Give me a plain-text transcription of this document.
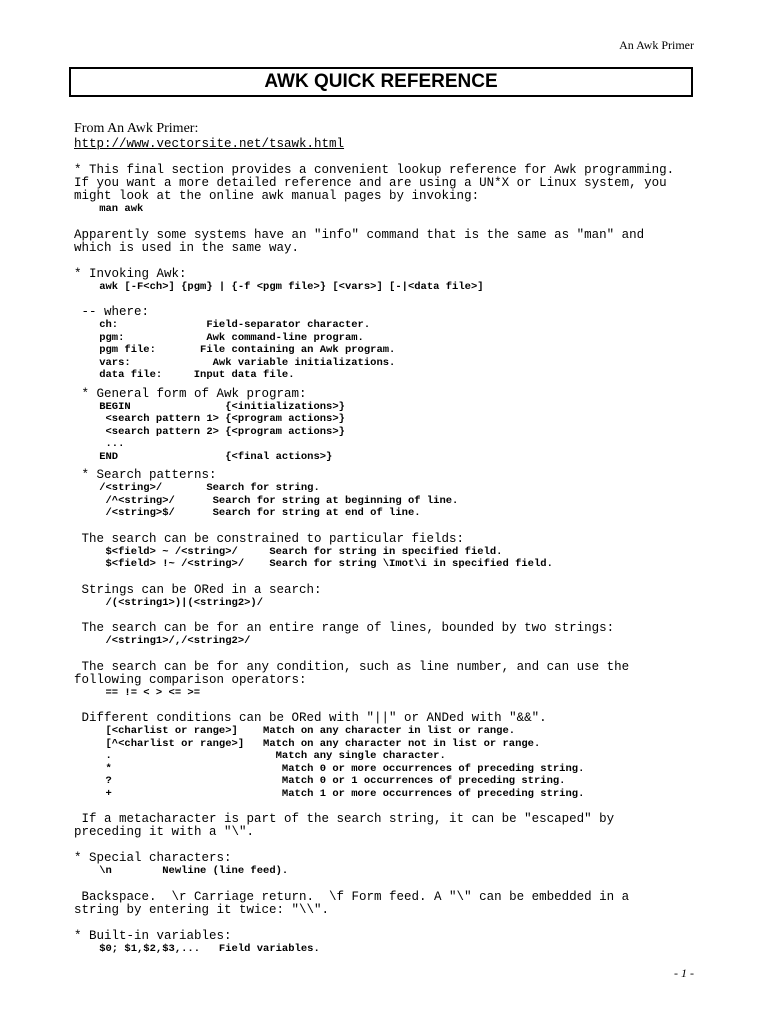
An Awk Primer
AWK QUICK REFERENCE

From An Awk Primer:

http://www.vectorsite.net/tsawk.html

* This final section provides a convenient lookup reference for Awk programming.
If you want a more detailed reference and are using a UN*X or Linux system, you
might look at the online awk manual pages by invoking:
man awk
Apparently some systems have an "info" command that is the same as "man" and
which is used in the same way.
* Invoking Awk:
awk [-F<ch>] {pgm} | {-f <pgm file>} [<vars>] [-|<data file>]
-- where:
ch:              Field-separator character.
pgm:             Awk command-line program.
pgm file:       File containing an Awk program.
vars:             Awk variable initializations.
data file:     Input data file.
* General form of Awk program:
BEGIN               {<initializations>}
<search pattern 1> {<program actions>}
<search pattern 2> {<program actions>}
...
END                 {<final actions>}
* Search patterns:
/<string>/       Search for string.
/^<string>/      Search for string at beginning of line.
/<string>$/      Search for string at end of line.
The search can be constrained to particular fields:
$<field> ~ /<string>/     Search for string in specified field.
$<field> !~ /<string>/    Search for string \Imot\i in specified field.
Strings can be ORed in a search:
/(<string1>)|(<string2>)/
The search can be for an entire range of lines, bounded by two strings:
/<string1>/,/<string2>/
The search can be for any condition, such as line number, and can use the
following comparison operators:
== != < > <= >=
Different conditions can be ORed with "||" or ANDed with "&&".
[<charlist or range>]    Match on any character in list or range.
[^<charlist or range>]   Match on any character not in list or range.
.                          Match any single character.
*                           Match 0 or more occurrences of preceding string.
?                           Match 0 or 1 occurrences of preceding string.
+                           Match 1 or more occurrences of preceding string.
If a metacharacter is part of the search string, it can be "escaped" by
preceding it with a "\".
* Special characters:
\n        Newline (line feed).
Backspace.  \r Carriage return.  \f Form feed. A "\" can be embedded in a
string by entering it twice: "\\".
* Built-in variables:
$0; $1,$2,$3,...   Field variables.
- 1 -
